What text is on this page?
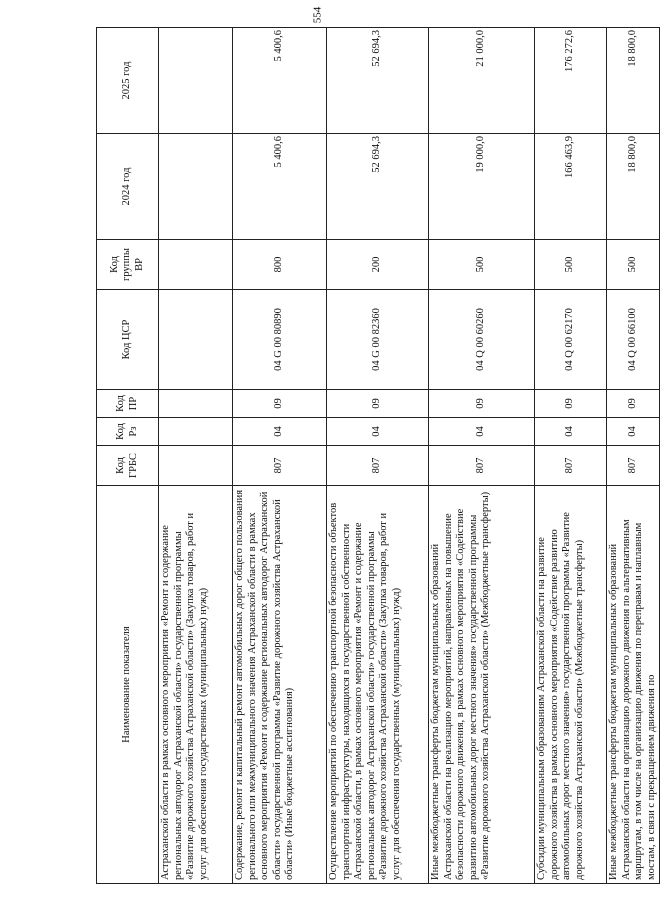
554
Наименование показателя	Код ГРБС	Код Рз	Код ПР	Код ЦСР	Код группы ВР	2024 год	2025 год
Астраханской области в рамках основного мероприятия «Ремонт и содержание региональных автодорог Астраханской области» государственной программы «Развитие дорожного хозяйства Астраханской области» (Закупка товаров, работ и услуг для обеспечения государственных (муниципальных) нужд)							
Содержание, ремонт и капитальный ремонт автомобильных дорог общего пользования регионального или межмуниципального значения Астраханской области в рамках основного мероприятия «Ремонт и содержание региональных автодорог Астраханской области» государственной программы «Развитие дорожного хозяйства Астраханской области» (Иные бюджетные ассигнования)	807	04	09	04 G 00 80890	800	5 400,6	5 400,6
Осуществление мероприятий по обеспечению транспортной безопасности объектов транспортной инфраструктуры, находящихся в государственной собственности Астраханской области, в рамках основного мероприятия «Ремонт и содержание региональных автодорог Астраханской области» государственной программы «Развитие дорожного хозяйства Астраханской области» (Закупка товаров, работ и услуг для обеспечения государственных (муниципальных) нужд)	807	04	09	04 G 00 82360	200	52 694,3	52 694,3
Иные межбюджетные трансферты бюджетам муниципальных образований Астраханской области на реализацию мероприятий, направленных на повышение безопасности дорожного движения, в рамках основного мероприятия «Содействие развитию автомобильных дорог местного значения» государственной программы «Развитие дорожного хозяйства Астраханской области» (Межбюджетные трансферты)	807	04	09	04 Q 00 60260	500	19 000,0	21 000,0
Субсидии муниципальным образованиям Астраханской области на развитие дорожного хозяйства в рамках основного мероприятия «Содействие развитию автомобильных дорог местного значения» государственной программы «Развитие дорожного хозяйства Астраханской области» (Межбюджетные трансферты)	807	04	09	04 Q 00 62170	500	166 463,9	176 272,6
Иные межбюджетные трансферты бюджетам муниципальных образований Астраханской области на организацию дорожного движения по альтернативным маршрутам, в том числе на организацию движения по переправам и наплавным мостам, в связи с прекращением движения по	807	04	09	04 Q 00 66100	500	18 800,0	18 800,0
